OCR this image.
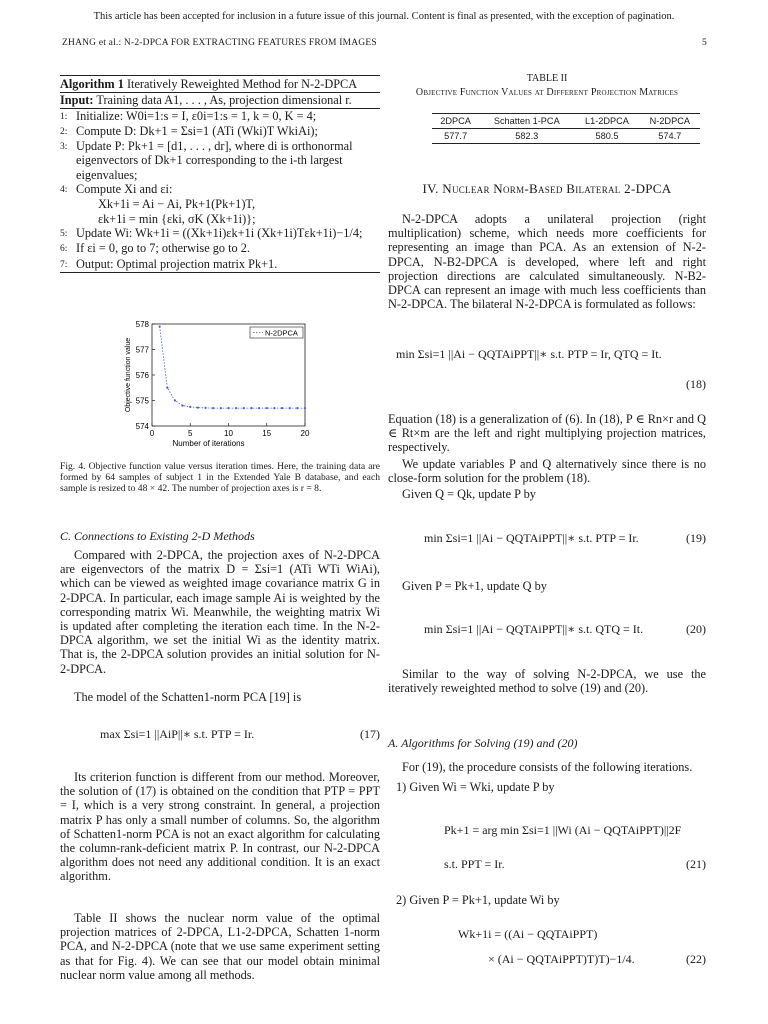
This article has been accepted for inclusion in a future issue of this journal. Content is final as presented, with the exception of pagination.
ZHANG et al.: N-2-DPCA FOR EXTRACTING FEATURES FROM IMAGES	5
Algorithm 1 Iteratively Reweighted Method for N-2-DPCA
Input: Training data A1, . . . , As, projection dimensional r.
1: Initialize: W0i=1:s = I, ε0i=1:s = 1, k = 0, K = 4;
2: Compute D: Dk+1 = Σsi=1 (ATi (Wki)T WkiAi);
3: Update P: Pk+1 = [d1, . . . , dr], where di is orthonormal eigenvectors of Dk+1 corresponding to the i-th largest eigenvalues;
4: Compute Xi and εi:
Xk+1i = Ai − Ai, Pk+1(Pk+1)T,
εk+1i = min {εki, σK (Xk+1i)};
5: Update Wi: Wk+1i = ((Xk+1i)εk+1i (Xk+1i)Tεk+1i)−1/4;
6: If εi = 0, go to 7; otherwise go to 2.
7: Output: Optimal projection matrix Pk+1.
0	5	10	15	20
574
575
576
577
578
Number of iterations
Objective function value
N-2DPCA
Fig. 4. Objective function value versus iteration times. Here, the training data are formed by 64 samples of subject 1 in the Extended Yale B database, and each sample is resized to 48 × 42. The number of projection axes is r = 8.
C. Connections to Existing 2-D Methods
Compared with 2-DPCA, the projection axes of N-2-DPCA are eigenvectors of the matrix D = Σsi=1 (ATi WTi WiAi), which can be viewed as weighted image covariance matrix G in 2-DPCA. In particular, each image sample Ai is weighted by the corresponding matrix Wi. Meanwhile, the weighting matrix Wi is updated after completing the iteration each time. In the N-2-DPCA algorithm, we set the initial Wi as the identity matrix. That is, the 2-DPCA solution provides an initial solution for N-2-DPCA.
The model of the Schatten1-norm PCA [19] is
max Σsi=1 ||AiP||∗ s.t. PTP = Ir.	(17)
Its criterion function is different from our method. Moreover, the solution of (17) is obtained on the condition that PTP = PPT = I, which is a very strong constraint. In general, a projection matrix P has only a small number of columns. So, the algorithm of Schatten1-norm PCA is not an exact algorithm for calculating the column-rank-deficient matrix P. In contrast, our N-2-DPCA algorithm does not need any additional condition. It is an exact algorithm.
Table II shows the nuclear norm value of the optimal projection matrices of 2-DPCA, L1-2-DPCA, Schatten 1-norm PCA, and N-2-DPCA (note that we use same experiment setting as that for Fig. 4). We can see that our model obtain minimal nuclear norm value among all methods.
TABLE II
Objective Function Values at Different Projection Matrices
2DPCA	Schatten 1-PCA	L1-2DPCA	N-2DPCA
577.7	582.3	580.5	574.7
IV. Nuclear Norm-Based Bilateral 2-DPCA
N-2-DPCA adopts a unilateral projection (right multiplication) scheme, which needs more coefficients for representing an image than PCA. As an extension of N-2-DPCA, N-B2-DPCA is developed, where left and right projection directions are calculated simultaneously. N-B2-DPCA can represent an image with much less coefficients than N-2-DPCA. The bilateral N-2-DPCA is formulated as follows:
min Σsi=1 ||Ai − QQTAiPPT||∗ s.t. PTP = Ir, QTQ = It.
(18)
Equation (18) is a generalization of (6). In (18), P ∈ Rn×r and Q ∈ Rt×m are the left and right multiplying projection matrices, respectively.
We update variables P and Q alternatively since there is no close-form solution for the problem (18).
Given Q = Qk, update P by
min Σsi=1 ||Ai − QQTAiPPT||∗ s.t. PTP = Ir.	(19)
Given P = Pk+1, update Q by
min Σsi=1 ||Ai − QQTAiPPT||∗ s.t. QTQ = It.	(20)
Similar to the way of solving N-2-DPCA, we use the iteratively reweighted method to solve (19) and (20).
A. Algorithms for Solving (19) and (20)
For (19), the procedure consists of the following iterations.
1) Given Wi = Wki, update P by
Pk+1 = arg min Σsi=1 ||Wi (Ai − QQTAiPPT)||2F
s.t. PPT = Ir.	(21)
2) Given P = Pk+1, update Wi by
Wk+1i = ((Ai − QQTAiPPT)
× (Ai − QQTAiPPT)T)T)−1/4.	(22)
